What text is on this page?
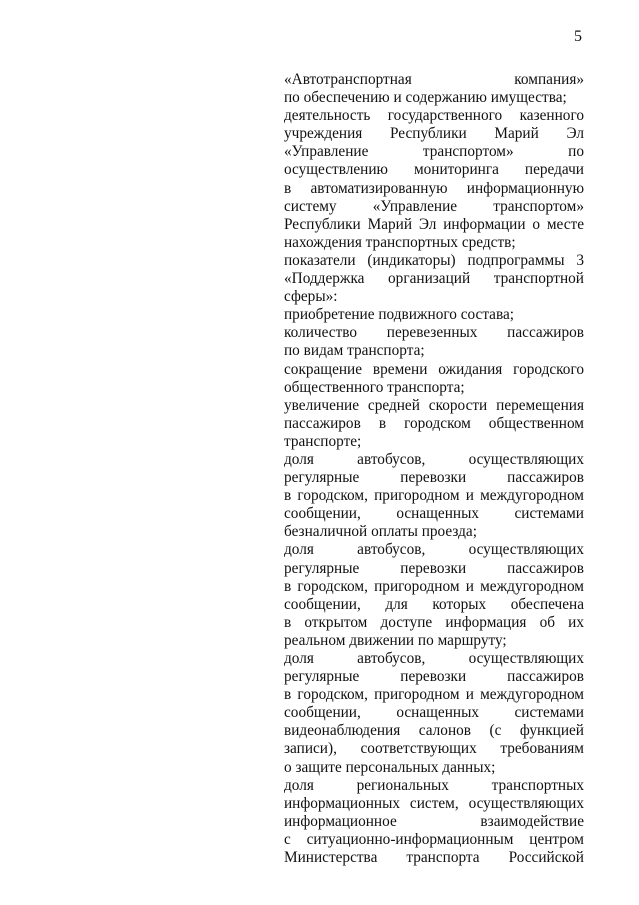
5
«Автотранспортная компания»
по обеспечению и содержанию имущества;
деятельность государственного казенного
учреждения Республики Марий Эл
«Управление транспортом» по
осуществлению мониторинга передачи
в автоматизированную информационную
систему «Управление транспортом»
Республики Марий Эл информации о месте
нахождения транспортных средств;
показатели (индикаторы) подпрограммы 3
«Поддержка организаций транспортной
сферы»:
приобретение подвижного состава;
количество перевезенных пассажиров
по видам транспорта;
сокращение времени ожидания городского
общественного транспорта;
увеличение средней скорости перемещения
пассажиров в городском общественном
транспорте;
доля автобусов, осуществляющих
регулярные перевозки пассажиров
в городском, пригородном и междугородном
сообщении, оснащенных системами
безналичной оплаты проезда;
доля автобусов, осуществляющих
регулярные перевозки пассажиров
в городском, пригородном и междугородном
сообщении, для которых обеспечена
в открытом доступе информация об их
реальном движении по маршруту;
доля автобусов, осуществляющих
регулярные перевозки пассажиров
в городском, пригородном и междугородном
сообщении, оснащенных системами
видеонаблюдения салонов (с функцией
записи), соответствующих требованиям
о защите персональных данных;
доля региональных транспортных
информационных систем, осуществляющих
информационное взаимодействие
с ситуационно-информационным центром
Министерства транспорта Российской
